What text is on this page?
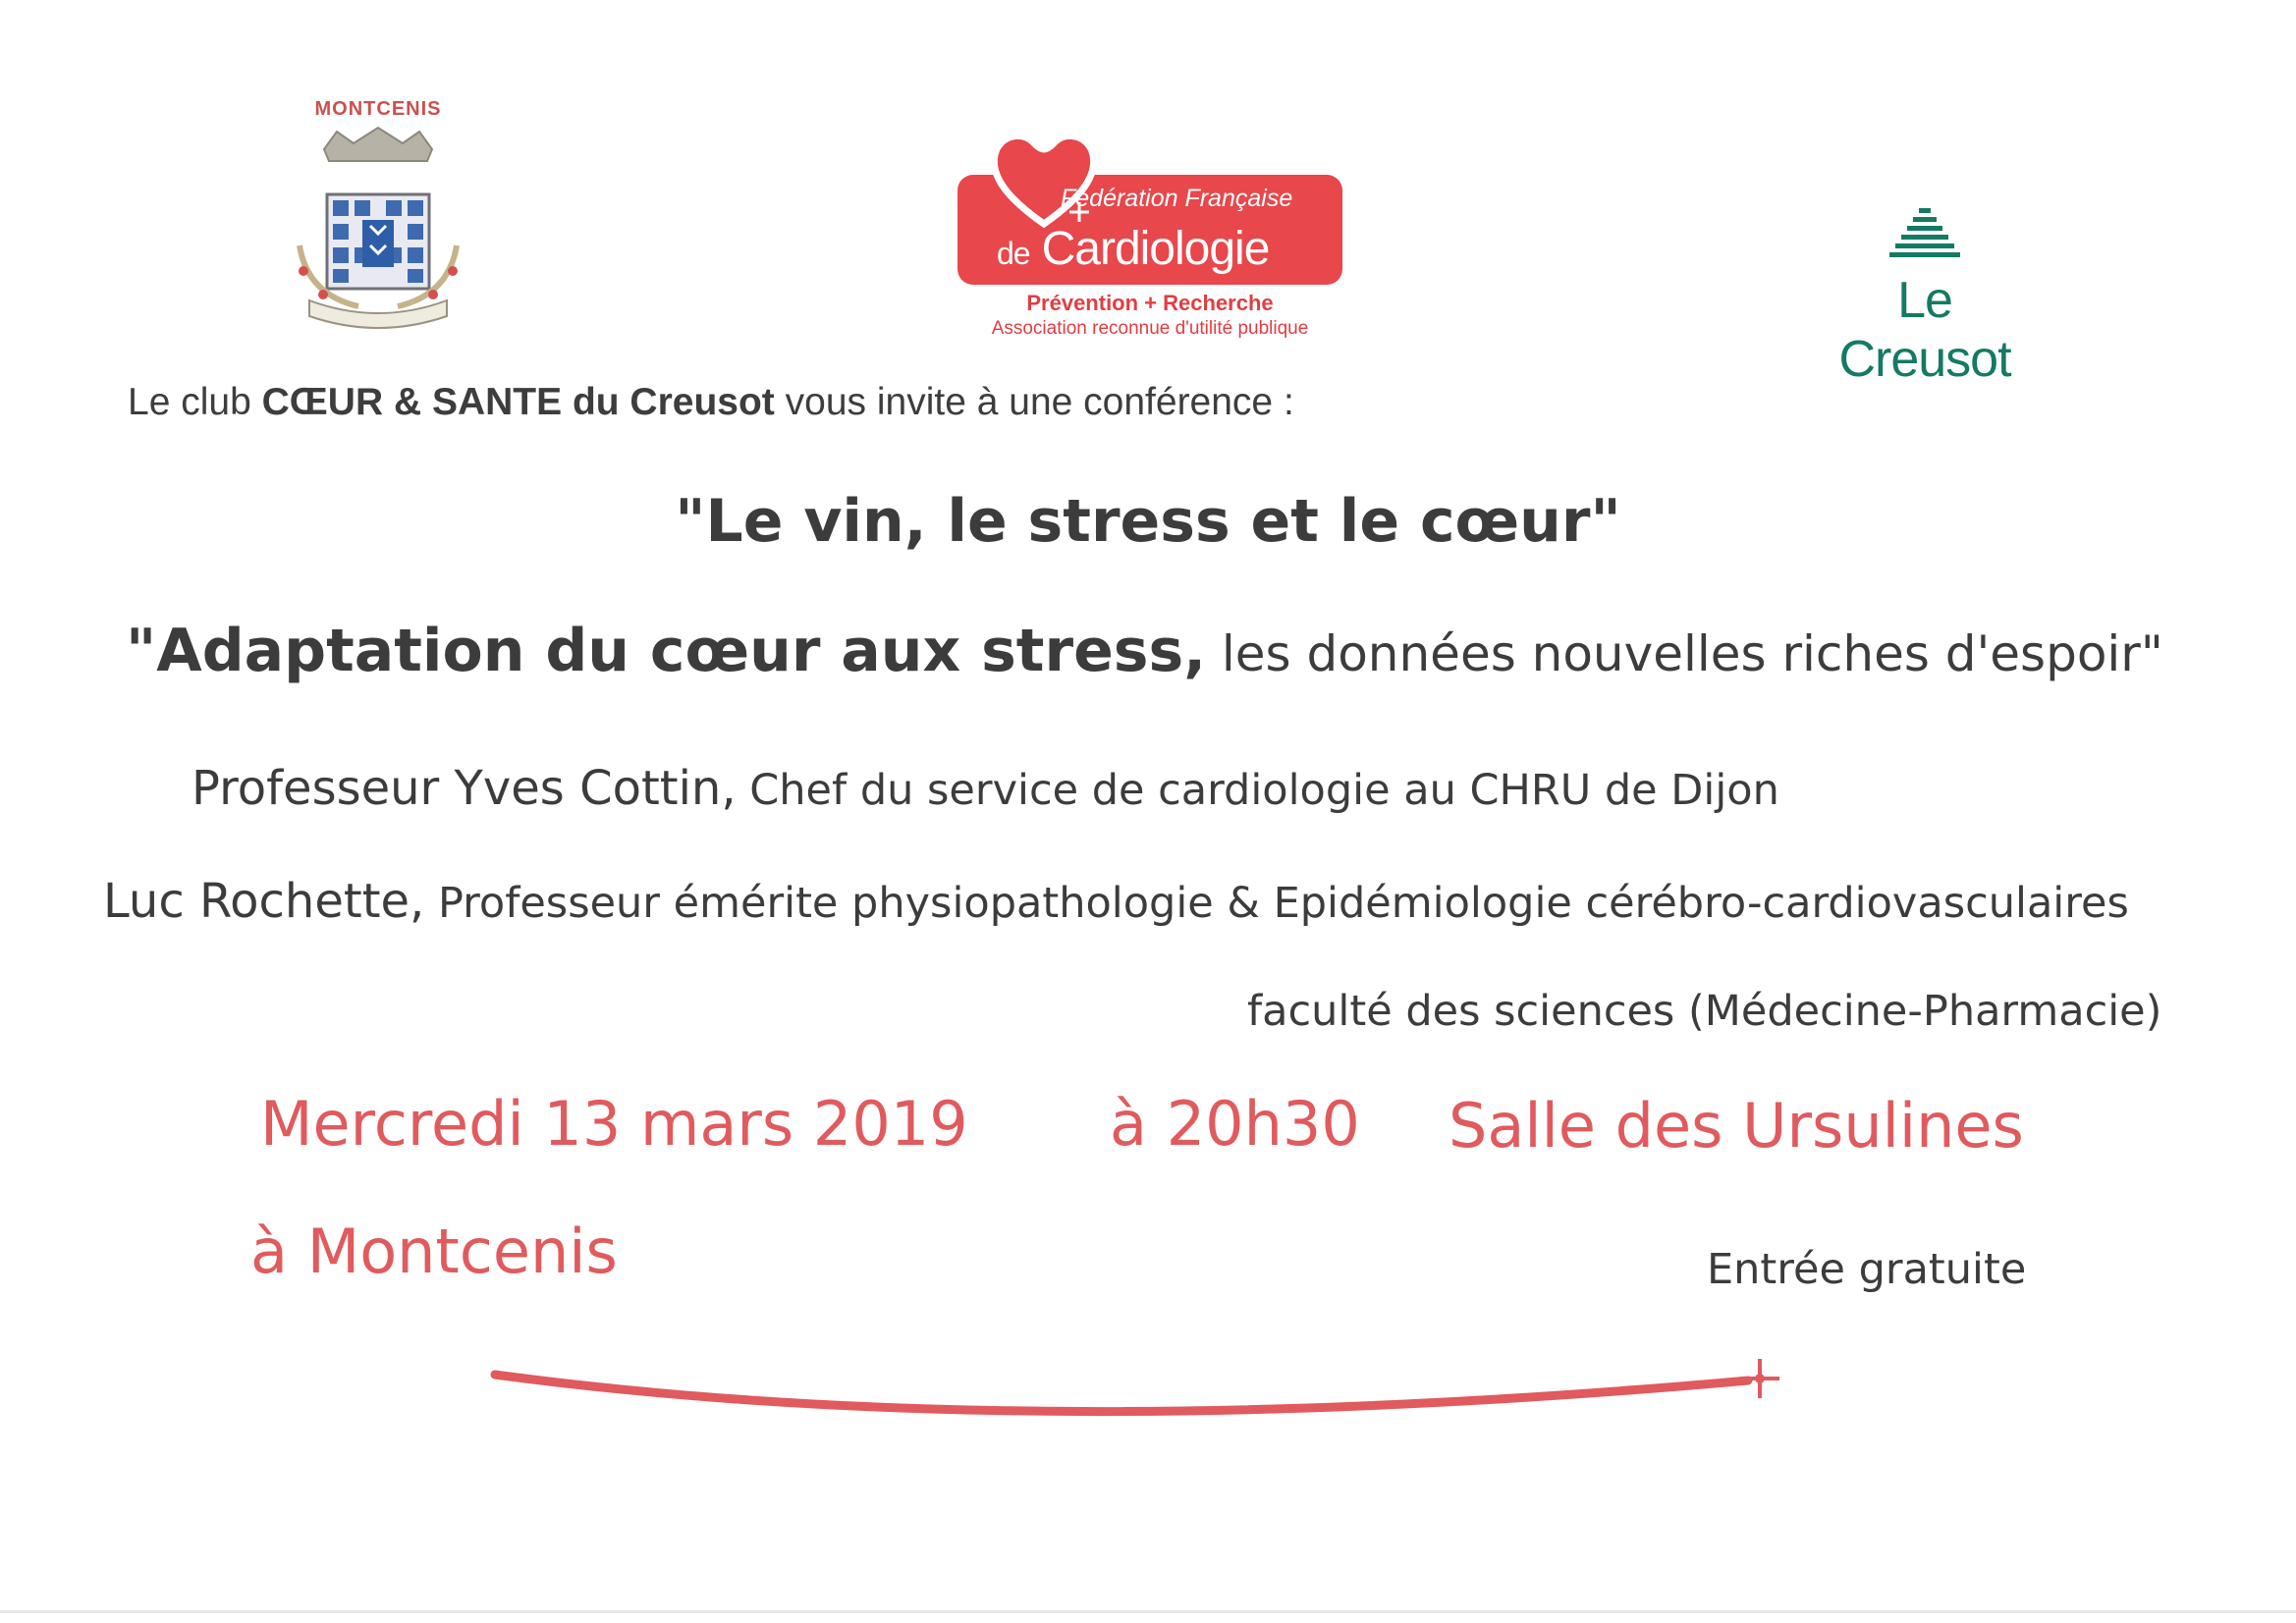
MONTCENIS
Fédération Française
de Cardiologie
Prévention + Recherche
Association reconnue d'utilité publique	Le Creusot
Le club CŒUR & SANTE du Creusot vous invite à une conférence :
"Le vin, le stress et le cœur"
"Adaptation du cœur aux stress, les données nouvelles riches d'espoir"
Professeur Yves Cottin, Chef du service de cardiologie au CHRU de Dijon
Luc Rochette, Professeur émérite physiopathologie & Epidémiologie cérébro-cardiovasculaires
faculté des sciences (Médecine-Pharmacie)
Mercredi 13 mars 2019 à 20h30 Salle des Ursulines
à Montcenis	Entrée gratuite
